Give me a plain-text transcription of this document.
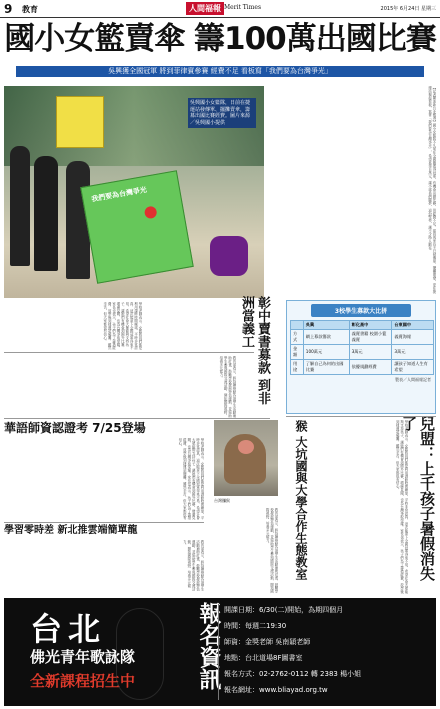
9 教育	人間福報 Merit Times	2015年 6月24日 星期三
國小女籃賣傘 籌100萬出國比賽
吳興獲全國冠軍 將到菲律賓參賽 經費不足 看板寫「我們要為台灣爭光」
我們要為台灣爭光
吳興國小女籃隊，日前在捷運站發傳單、擺攤賣傘，籌募出國比賽經費。圖片來源／吳興國小提供	【記者陳述新台北報導】國小女籃隊不久前在全國賽獲得冠軍，有機會出國比賽，但經費不足。球員與家長不只發傳單、擺攤賣傘，更在捷運站舉起看板，寫著「我們要為台灣爭光」，希望募得百萬元，讓小球員們圓夢，這份堅持，讓不少路人動容。
學校老師表示，女籃隊員們都是利用課餘時間練球，平時非常認真，這次能拿下全國冠軍得來不易，希望社會大眾能夠支持孩子，讓她們有機會到國外比賽，增廣見聞，也為台灣爭取榮耀。家長也表示，孩子們為了籌措經費，放學後到捷運站擺攤，雖然辛苦，但大家都很有信心。
教育部表示，將持續推動各項學生活動補助計畫，鼓勵學校發展特色運動，並協助學生參與國際交流活動，開拓國際視野，培養多元能力。	彰中賣書募款 到非洲當義工	3校學生募款大比拼
	吳興	彰化高中	台東國中
方式	網上募款籌款	義賣書籍 校園小籃義賣	義賣海報
金額	100萬元	3萬元	3萬元
用途	了解自己為何的出國比賽	依優規劃經費	讓孩子知道人生有希望
製表／人間福報記者
華語師資認證考 7/25登場
學校老師表示，女籃隊員們都是利用課餘時間練球，平時非常認真，這次能拿下全國冠軍得來不易，希望社會大眾能夠支持孩子，讓她們有機會到國外比賽，增廣見聞，也為台灣爭取榮耀。家長也表示，孩子們為了籌措經費，放學後到捷運站擺攤，雖然辛苦，但大家都很有信心。
學習零時差 新北推雲端簡單龍
教育部表示，將持續推動各項學生活動補助計畫，鼓勵學校發展特色運動，並協助學生參與國際交流活動，開拓國際視野，培養多元能力。
台灣獼猴
猴
大坑國與大學合作生態教室
教育部表示，將持續推動各項學生活動補助計畫，鼓勵學校發展特色運動，並協助學生參與國際交流活動，開拓國際視野，培養多元能力。	學校老師表示，女籃隊員們都是利用課餘時間練球，平時非常認真，這次能拿下全國冠軍得來不易，希望社會大眾能夠支持孩子，讓她們有機會到國外比賽，增廣見聞，也為台灣爭取榮耀。家長也表示，孩子們為了籌措經費，放學後到捷運站擺攤，雖然辛苦，但大家都很有信心。	兒盟：上千孩子暑假消失了
台北
佛光青年歌詠隊
全新課程招生中	報名資訊 開課日期：6/30(二)開始，為期四個月
時間：每週二19:30
師資：金獎老師 吳南穎老師
地點：台北道場8F圖書室
報名方式：02-2762-0112 轉 2383 楊小姐
報名網址：www.bliayad.org.tw
